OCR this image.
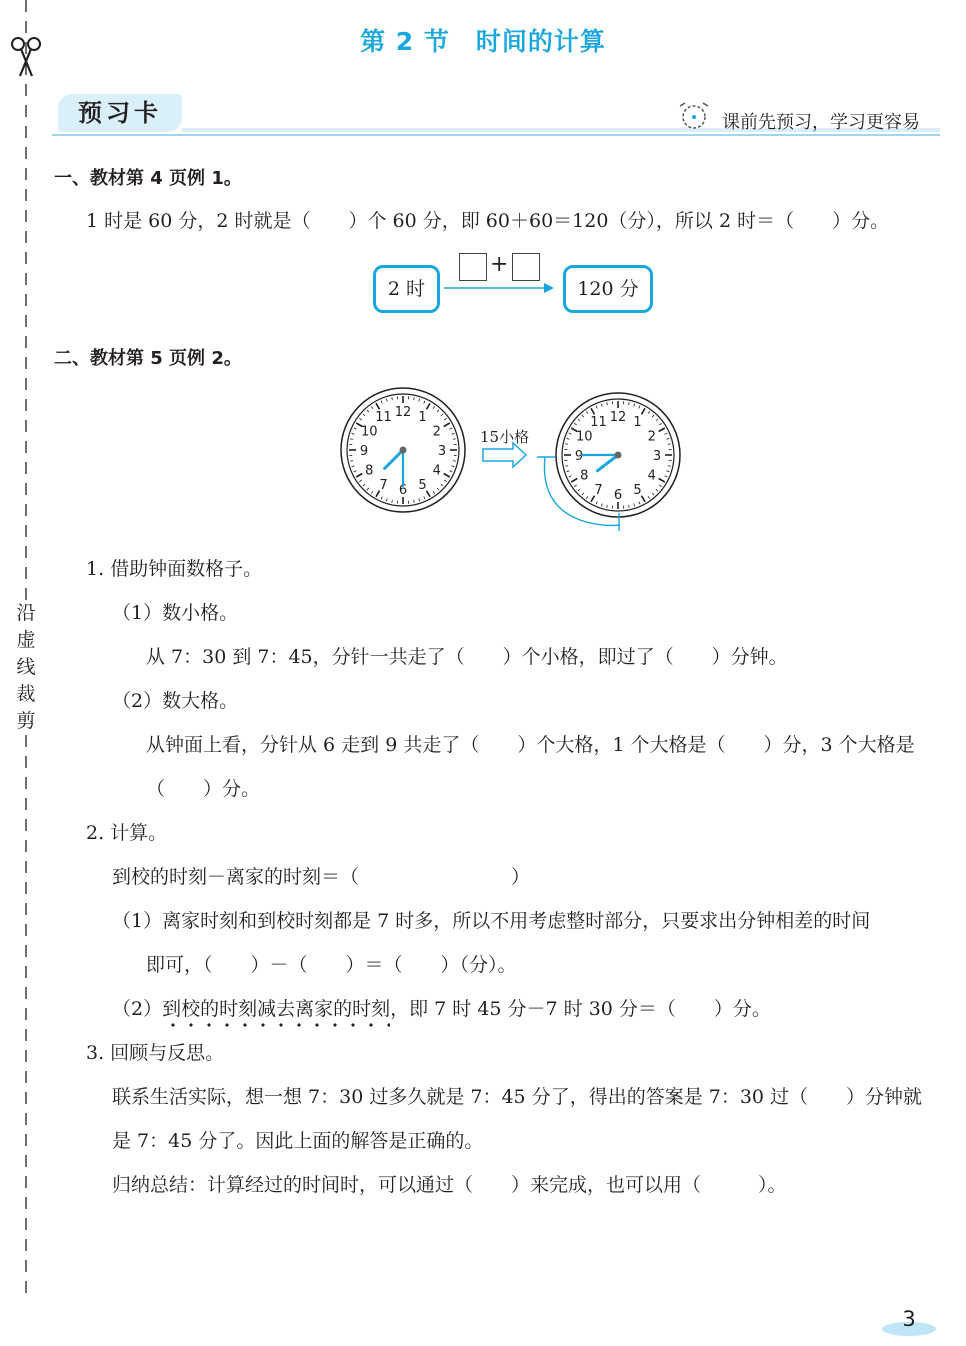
沿
虚
线
裁
剪
第 2 节　时间的计算
预习卡	课前先预习，学习更容易
一、教材第 4 页例 1。
1 时是 60 分，2 时就是（　　）个 60 分，即 60＋60＝120（分），所以 2 时＝（　　）分。
2 时
+
120 分
二、教材第 5 页例 2。
12 1
2
3
4
5
6
7
8
9
10
11	12 1
2
3
4
5
6
7
8
9
10
11
15小格
1. 借助钟面数格子。
（1）数小格。
从 7：30 到 7：45，分针一共走了（　　）个小格，即过了（　　）分钟。
（2）数大格。
从钟面上看，分针从 6 走到 9 共走了（　　）个大格，1 个大格是（　　）分，3 个大格是
（　　）分。
2. 计算。
到校的时刻－离家的时刻＝（　　　　　　　　）
（1）离家时刻和到校时刻都是 7 时多，所以不用考虑整时部分，只要求出分钟相差的时间
即可，（　　）－（　　）＝（　　）（分）。
（2）到校的时刻减去离家的时刻，即 7 时 45 分－7 时 30 分＝（　　）分。
3. 回顾与反思。
联系生活实际，想一想 7：30 过多久就是 7：45 分了，得出的答案是 7：30 过（　　）分钟就
是 7：45 分了。因此上面的解答是正确的。
归纳总结：计算经过的时间时，可以通过（　　）来完成，也可以用（　　　）。
3
